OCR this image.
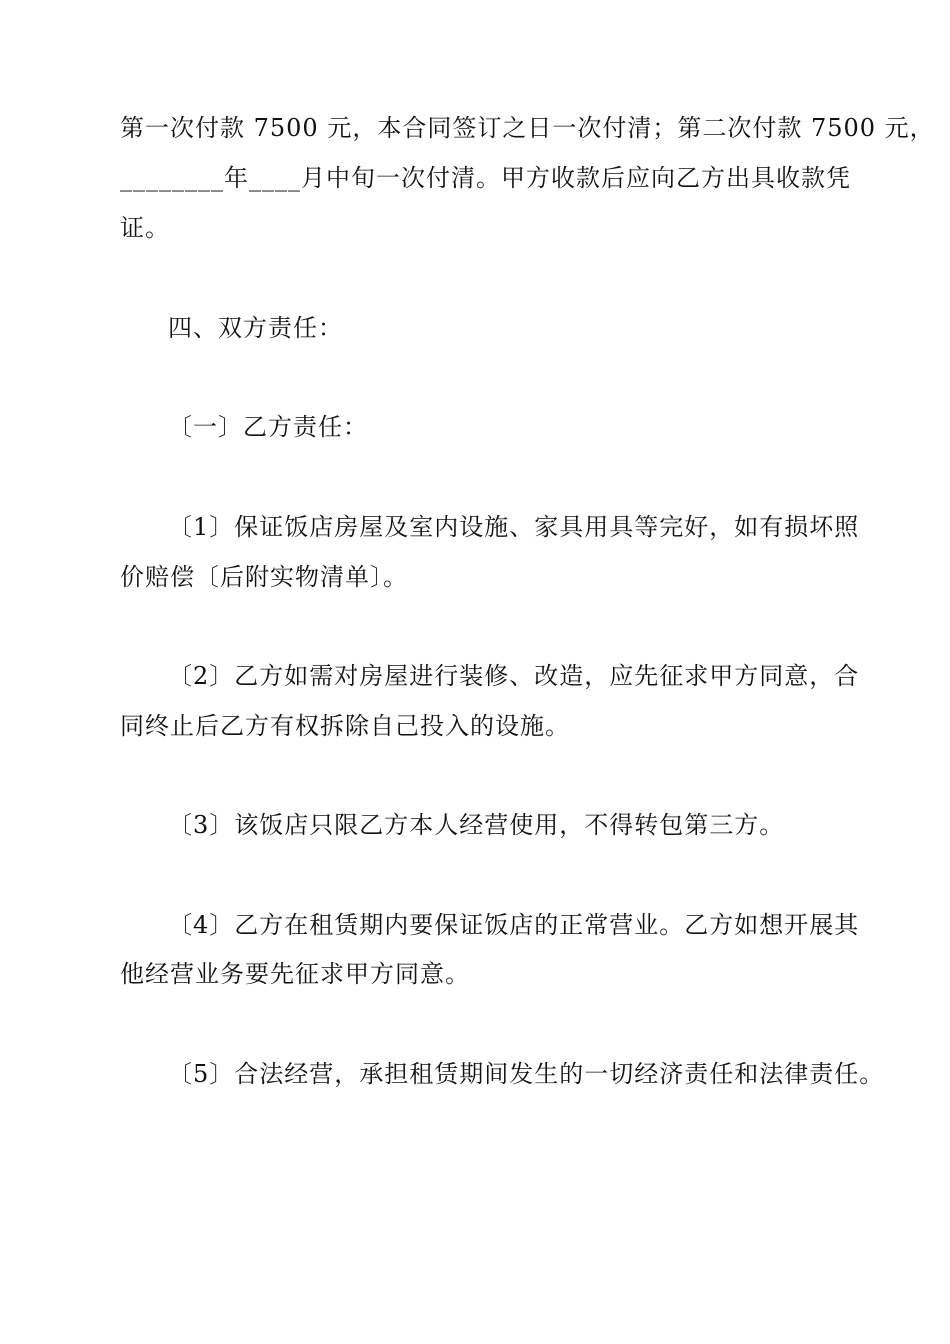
第一次付款 7500 元，本合同签订之日一次付清；第二次付款 7500 元，
________年____月中旬一次付清。甲方收款后应向乙方出具收款凭
证。
四、双方责任：
〔一〕乙方责任：
〔1〕保证饭店房屋及室内设施、家具用具等完好，如有损坏照
价赔偿〔后附实物清单〕。
〔2〕乙方如需对房屋进行装修、改造，应先征求甲方同意，合
同终止后乙方有权拆除自己投入的设施。
〔3〕该饭店只限乙方本人经营使用，不得转包第三方。
〔4〕乙方在租赁期内要保证饭店的正常营业。乙方如想开展其
他经营业务要先征求甲方同意。
〔5〕合法经营，承担租赁期间发生的一切经济责任和法律责任。
